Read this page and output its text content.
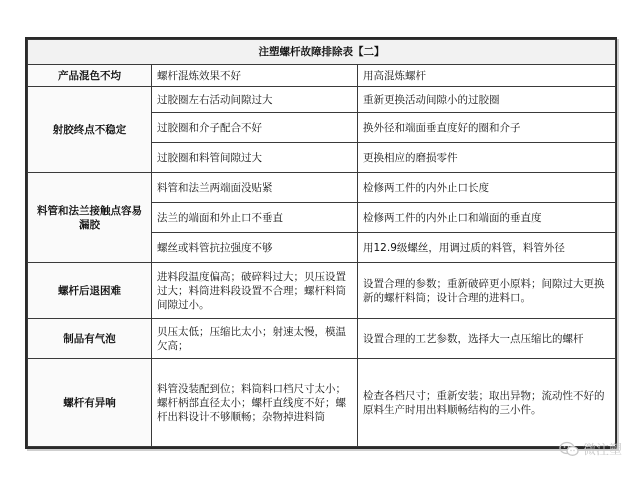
注塑螺杆故障排除表【二】		
产品混色不均	螺杆混炼效果不好	用高混炼螺杆
射胶终点不稳定	过胶圈左右活动间隙过大	重新更换活动间隙小的过胶圈
	过胶圈和介子配合不好	换外径和端面垂直度好的圈和介子
	过胶圈和料管间隙过大	更换相应的磨损零件
料管和法兰接触点容易漏胶	料管和法兰两端面没贴紧	检修两工件的内外止口长度
	法兰的端面和外止口不垂直	检修两工件的内外止口和端面的垂直度
	螺丝或料管抗拉强度不够	用12.9级螺丝，用调过质的料管，料管外径
螺杆后退困难	进料段温度偏高；破碎料过大；贝压设置过大；料筒进料段设置不合理；螺杆料筒间隙过小。	设置合理的参数；重新破碎更小原料；间隙过大更换新的螺杆料筒；设计合理的进料口。
制品有气泡	贝压太低；压缩比太小；射速太慢，模温欠高；	设置合理的工艺参数，选择大一点压缩比的螺杆
螺杆有异响	料管没装配到位；料筒料口档尺寸太小；螺杆柄部直径太小；螺杆直线度不好；螺杆出料设计不够顺畅；杂物掉进料筒	检查各档尺寸；重新安装；取出异物；流动性不好的原料生产时用出料顺畅结构的三小件。
微注塑
